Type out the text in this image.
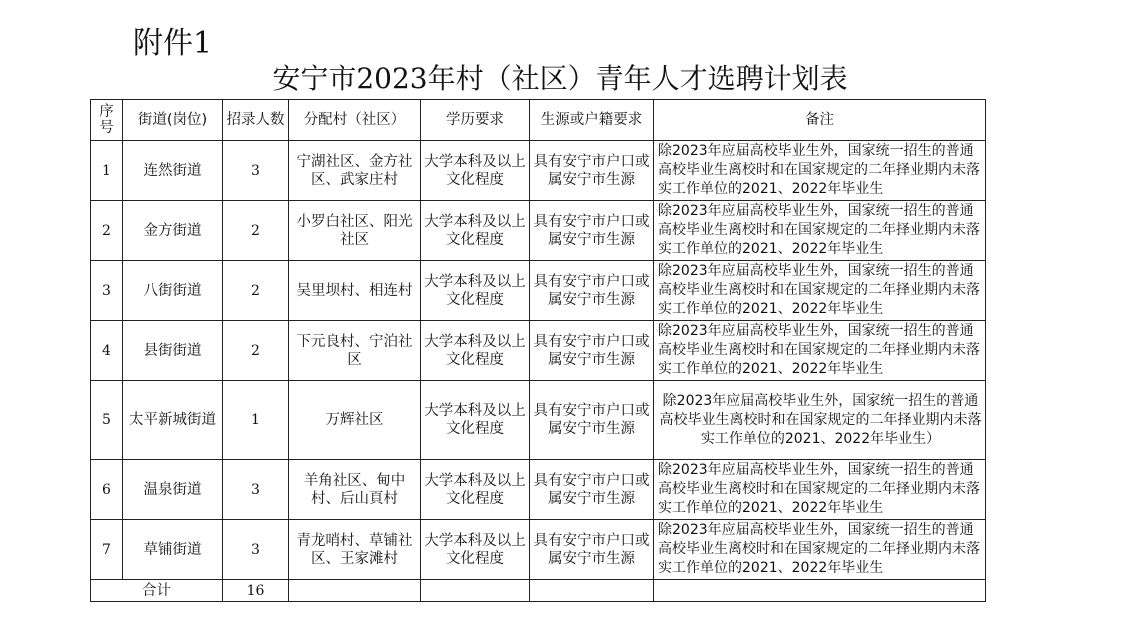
附件1
安宁市2023年村（社区）青年人才选聘计划表
序号	街道(岗位)	招录人数	分配村（社区）	学历要求	生源或户籍要求	备注
1	连然街道	3	宁湖社区、金方社区、武家庄村	大学本科及以上文化程度	具有安宁市户口或属安宁市生源	除2023年应届高校毕业生外，国家统一招生的普通 高校毕业生离校时和在国家规定的二年择业期内未落实工作单位的2021、2022年毕业生
2	金方街道	2	小罗白社区、阳光社区	大学本科及以上文化程度	具有安宁市户口或属安宁市生源	除2023年应届高校毕业生外，国家统一招生的普通 高校毕业生离校时和在国家规定的二年择业期内未落实工作单位的2021、2022年毕业生
3	八街街道	2	吴里坝村、相连村	大学本科及以上文化程度	具有安宁市户口或属安宁市生源	除2023年应届高校毕业生外，国家统一招生的普通 高校毕业生离校时和在国家规定的二年择业期内未落实工作单位的2021、2022年毕业生
4	县街街道	2	下元良村、宁泊社区	大学本科及以上文化程度	具有安宁市户口或属安宁市生源	除2023年应届高校毕业生外，国家统一招生的普通 高校毕业生离校时和在国家规定的二年择业期内未落实工作单位的2021、2022年毕业生
5	太平新城街道	1	万辉社区	大学本科及以上文化程度	具有安宁市户口或属安宁市生源	除2023年应届高校毕业生外，国家统一招生的普通 高校毕业生离校时和在国家规定的二年择业期内未落实工作单位的2021、2022年毕业生）
6	温泉街道	3	羊角社区、甸中村、后山頁村	大学本科及以上文化程度	具有安宁市户口或属安宁市生源	除2023年应届高校毕业生外，国家统一招生的普通 高校毕业生离校时和在国家规定的二年择业期内未落实工作单位的2021、2022年毕业生
7	草铺街道	3	青龙哨村、草铺社区、王家滩村	大学本科及以上文化程度	具有安宁市户口或属安宁市生源	除2023年应届高校毕业生外，国家统一招生的普通 高校毕业生离校时和在国家规定的二年择业期内未落实工作单位的2021、2022年毕业生
合计		16				
